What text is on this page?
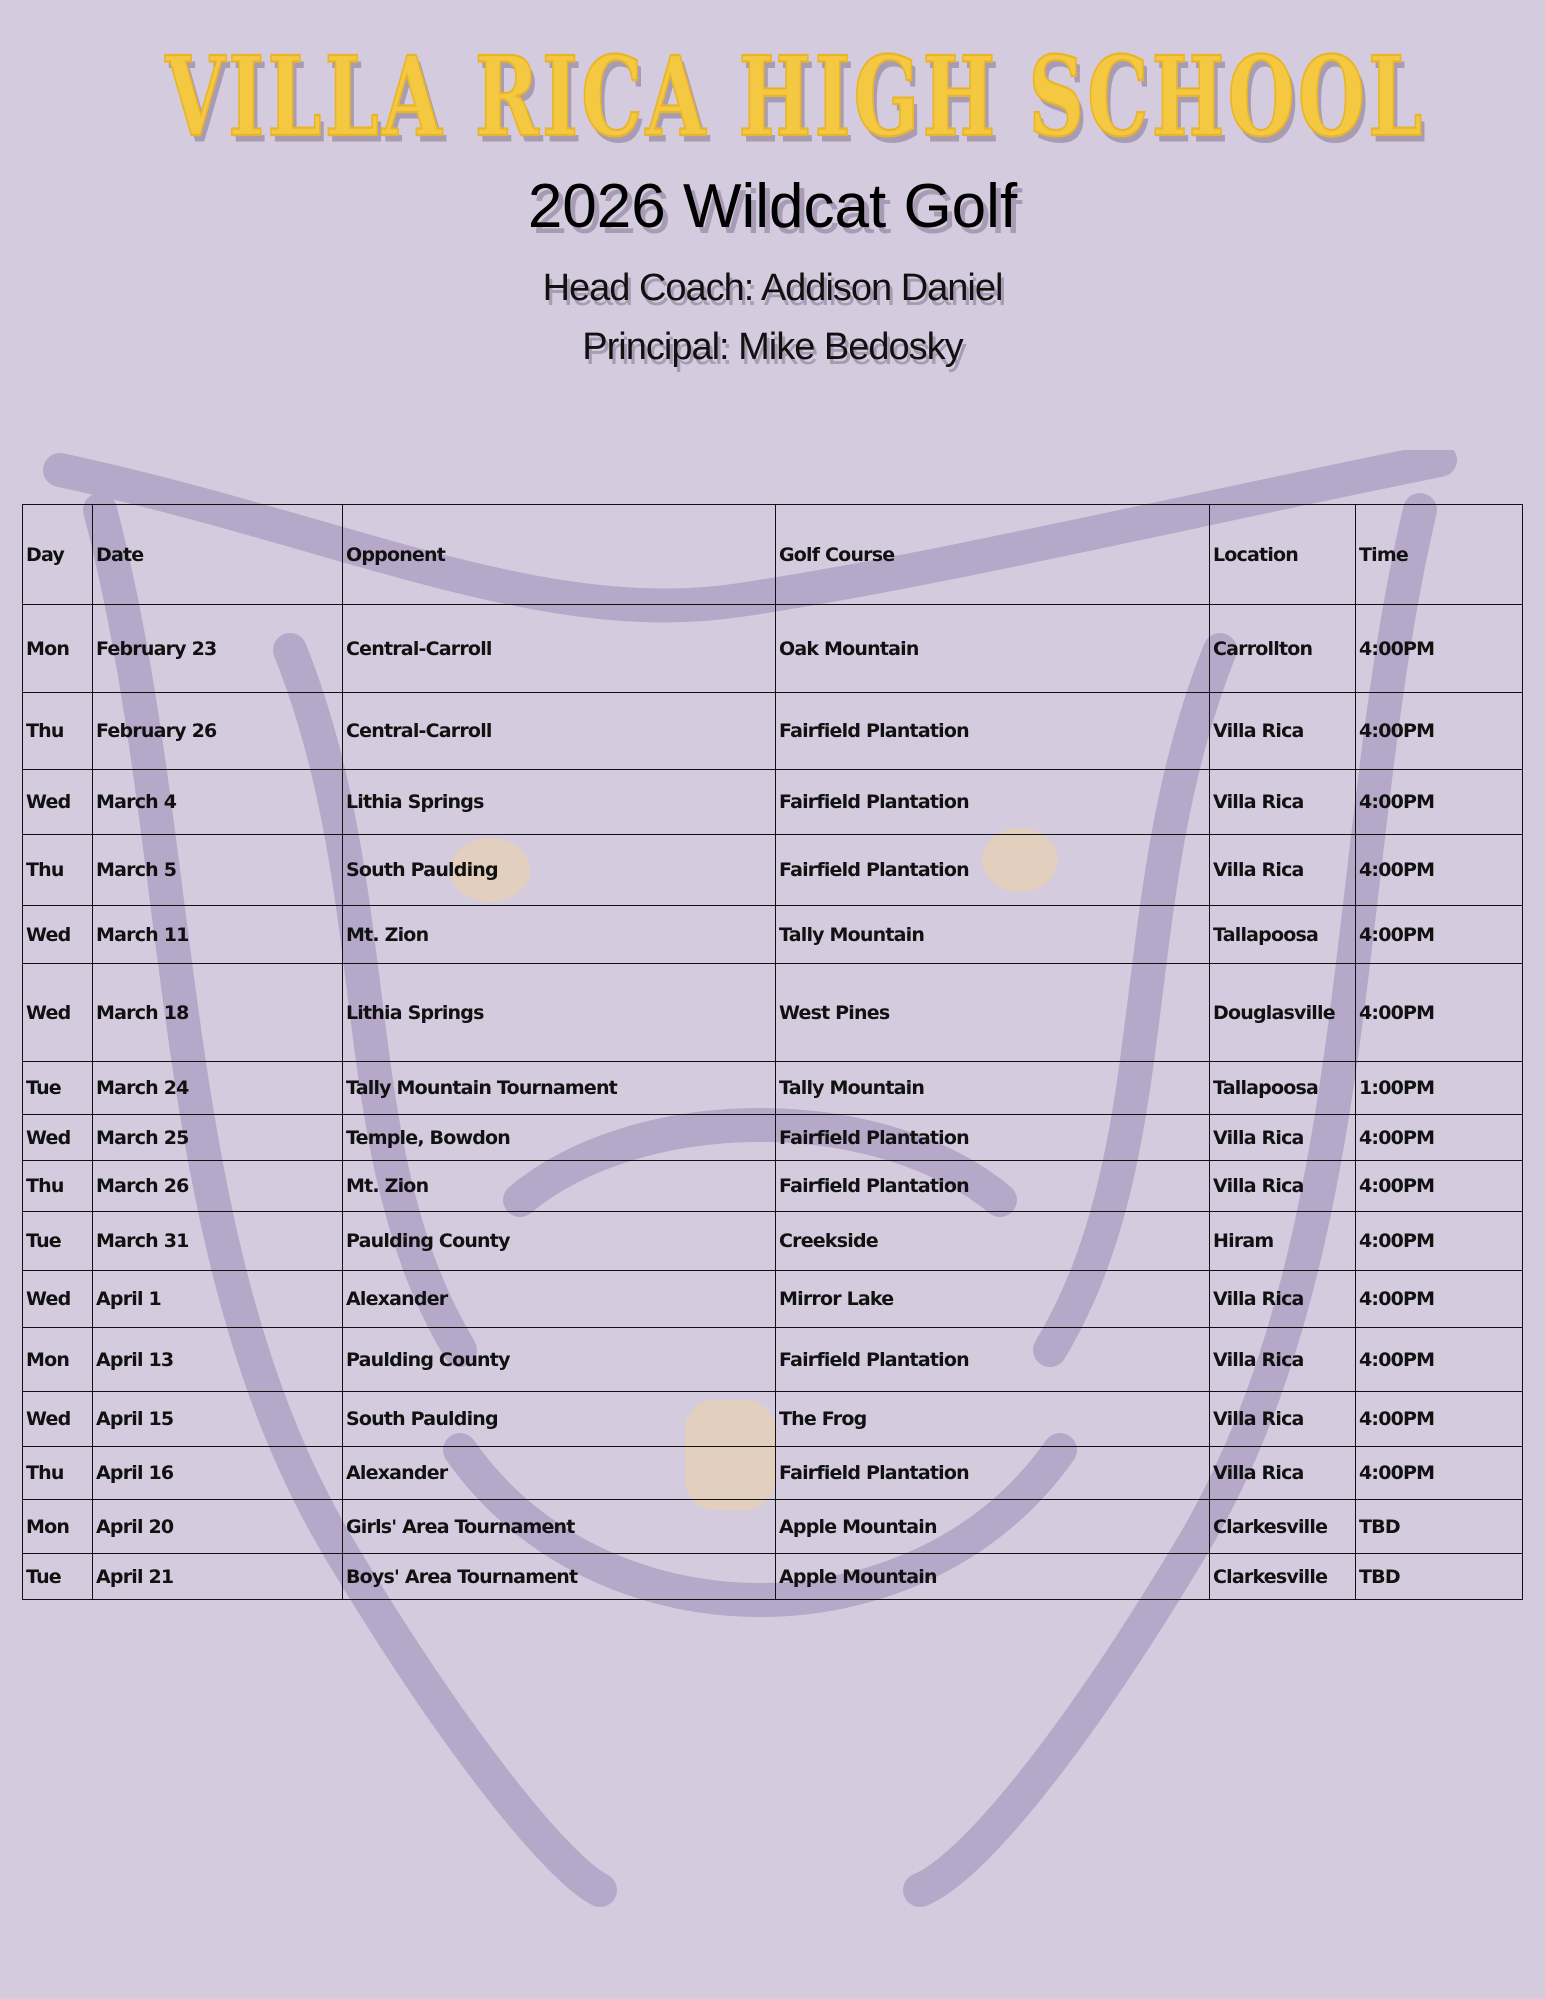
VILLA RICA HIGH SCHOOL
2026 Wildcat Golf
Head Coach: Addison Daniel
Principal: Mike Bedosky
Day	Date	Opponent	Golf Course	Location	Time
Mon	February 23	Central-Carroll	Oak Mountain	Carrollton	4:00PM
Thu	February 26	Central-Carroll	Fairfield Plantation	Villa Rica	4:00PM
Wed	March 4	Lithia Springs	Fairfield Plantation	Villa Rica	4:00PM
Thu	March 5	South Paulding	Fairfield Plantation	Villa Rica	4:00PM
Wed	March 11	Mt. Zion	Tally Mountain	Tallapoosa	4:00PM
Wed	March 18	Lithia Springs	West Pines	Douglasville	4:00PM
Tue	March 24	Tally Mountain Tournament	Tally Mountain	Tallapoosa	1:00PM
Wed	March 25	Temple, Bowdon	Fairfield Plantation	Villa Rica	4:00PM
Thu	March 26	Mt. Zion	Fairfield Plantation	Villa Rica	4:00PM
Tue	March 31	Paulding County	Creekside	Hiram	4:00PM
Wed	April 1	Alexander	Mirror Lake	Villa Rica	4:00PM
Mon	April 13	Paulding County	Fairfield Plantation	Villa Rica	4:00PM
Wed	April 15	South Paulding	The Frog	Villa Rica	4:00PM
Thu	April 16	Alexander	Fairfield Plantation	Villa Rica	4:00PM
Mon	April 20	Girls' Area Tournament	Apple Mountain	Clarkesville	TBD
Tue	April 21	Boys' Area Tournament	Apple Mountain	Clarkesville	TBD
